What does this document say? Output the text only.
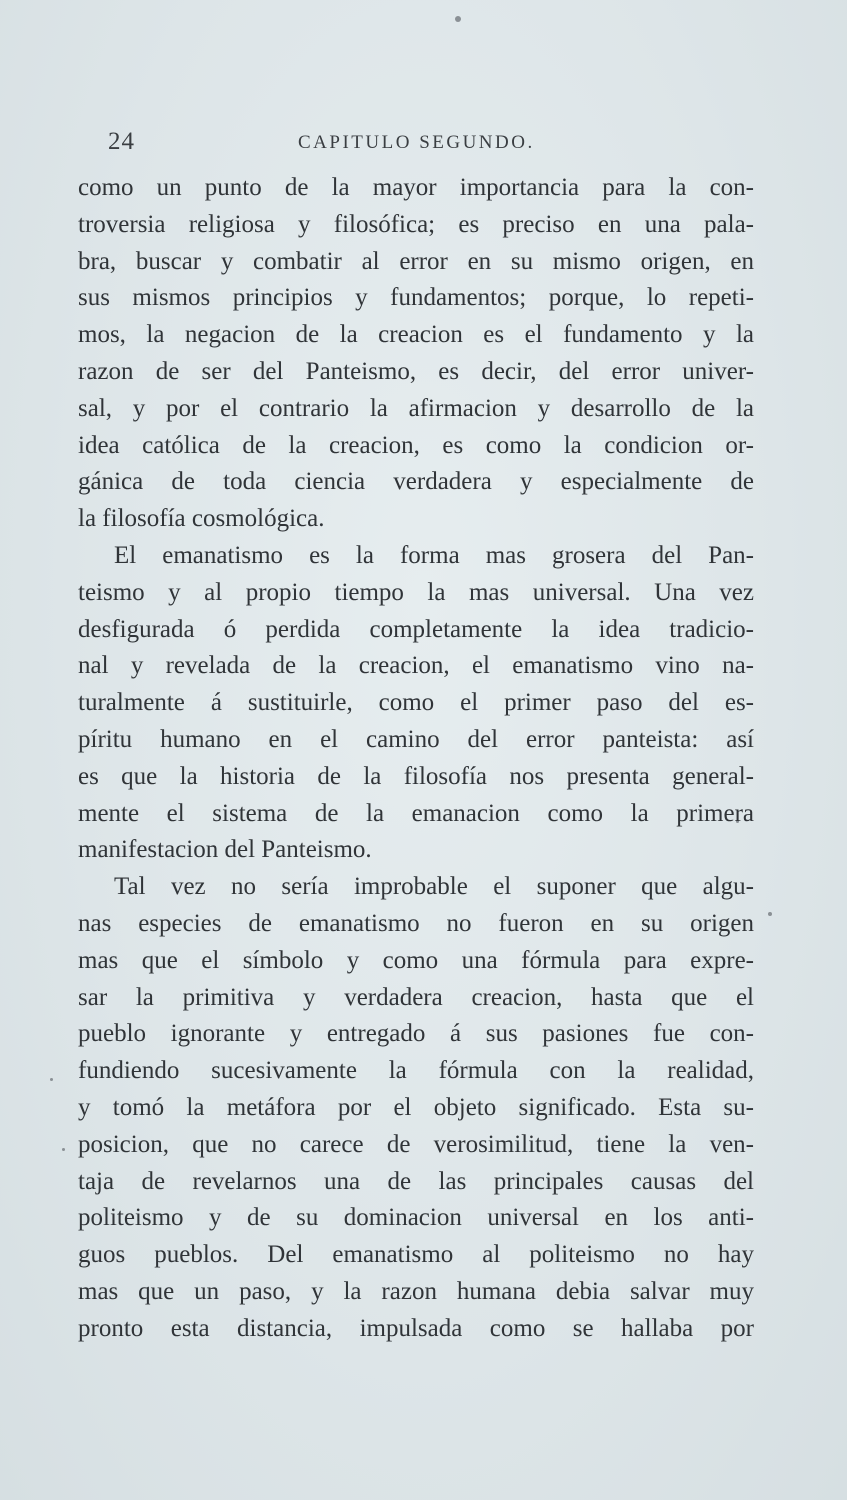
24	CAPITULO SEGUNDO.
como un punto de la mayor importancia para la con-
troversia religiosa y filosófica; es preciso en una pala-
bra, buscar y combatir al error en su mismo origen, en
sus mismos principios y fundamentos; porque, lo repeti-
mos, la negacion de la creacion es el fundamento y la
razon de ser del Panteismo, es decir, del error univer-
sal, y por el contrario la afirmacion y desarrollo de la
idea católica de la creacion, es como la condicion or-
gánica de toda ciencia verdadera y especialmente de
la filosofía cosmológica.
El emanatismo es la forma mas grosera del Pan-
teismo y al propio tiempo la mas universal. Una vez
desfigurada ó perdida completamente la idea tradicio-
nal y revelada de la creacion, el emanatismo vino na-
turalmente á sustituirle, como el primer paso del es-
píritu humano en el camino del error panteista: así
es que la historia de la filosofía nos presenta general-
mente el sistema de la emanacion como la primera
manifestacion del Panteismo.
Tal vez no sería improbable el suponer que algu-
nas especies de emanatismo no fueron en su origen
mas que el símbolo y como una fórmula para expre-
sar la primitiva y verdadera creacion, hasta que el
pueblo ignorante y entregado á sus pasiones fue con-
fundiendo sucesivamente la fórmula con la realidad,
y tomó la metáfora por el objeto significado. Esta su-
posicion, que no carece de verosimilitud, tiene la ven-
taja de revelarnos una de las principales causas del
politeismo y de su dominacion universal en los anti-
guos pueblos. Del emanatismo al politeismo no hay
mas que un paso, y la razon humana debia salvar muy
pronto esta distancia, impulsada como se hallaba por
